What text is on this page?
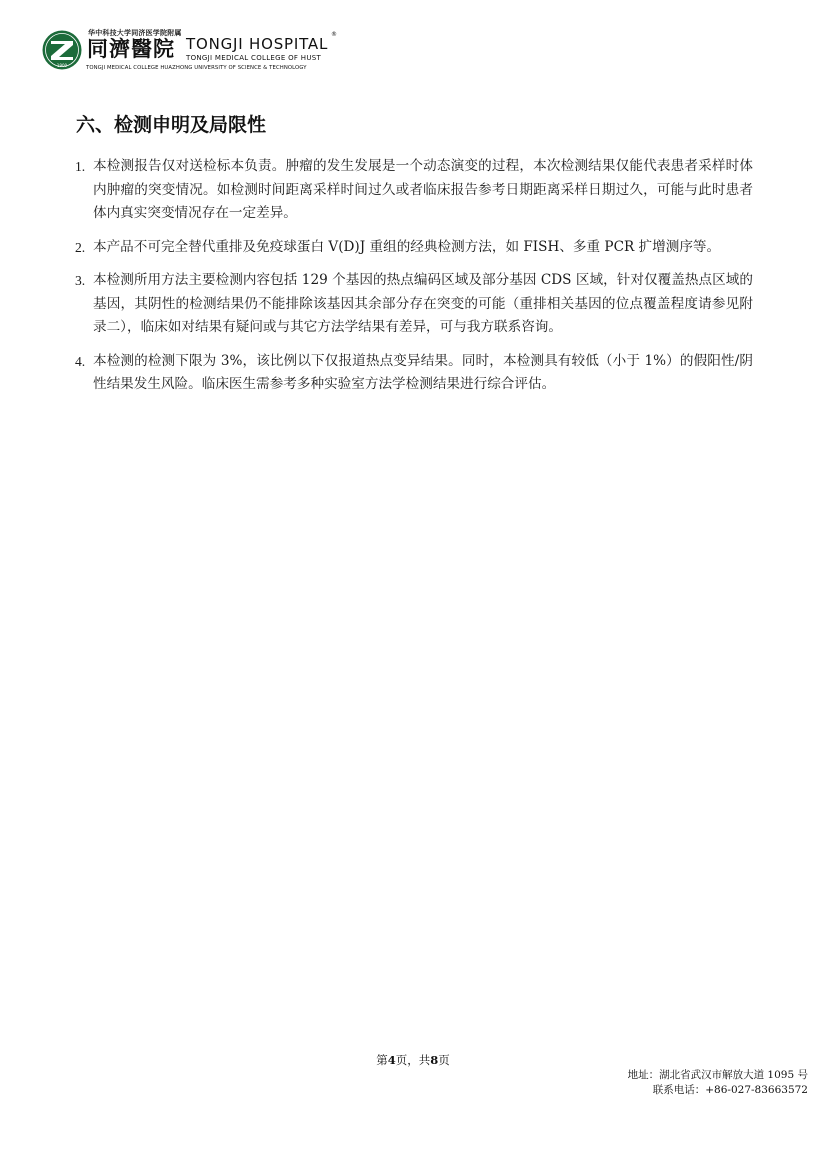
1900
华中科技大学同济医学院附属
同濟醫院 TONGJI HOSPITAL
®
TONGJI MEDICAL COLLEGE OF HUST
TONGJI MEDICAL COLLEGE HUAZHONG UNIVERSITY OF SCIENCE & TECHNOLOGY
六、检测申明及局限性
1. 本检测报告仅对送检标本负责。肿瘤的发生发展是一个动态演变的过程，本次检测结果仅能代表患者采样时体内肿瘤的突变情况。如检测时间距离采样时间过久或者临床报告参考日期距离采样日期过久，可能与此时患者体内真实突变情况存在一定差异。
2. 本产品不可完全替代重排及免疫球蛋白 V(D)J 重组的经典检测方法，如 FISH、多重 PCR 扩增测序等。
3. 本检测所用方法主要检测内容包括 129 个基因的热点编码区域及部分基因 CDS 区域，针对仅覆盖热点区域的基因，其阴性的检测结果仍不能排除该基因其余部分存在突变的可能（重排相关基因的位点覆盖程度请参见附录二），临床如对结果有疑问或与其它方法学结果有差异，可与我方联系咨询。
4. 本检测的检测下限为 3%，该比例以下仅报道热点变异结果。同时，本检测具有较低（小于 1%）的假阳性/阴性结果发生风险。临床医生需参考多种实验室方法学检测结果进行综合评估。
第4页，共8页
地址：湖北省武汉市解放大道 1095 号
联系电话：+86-027-83663572
